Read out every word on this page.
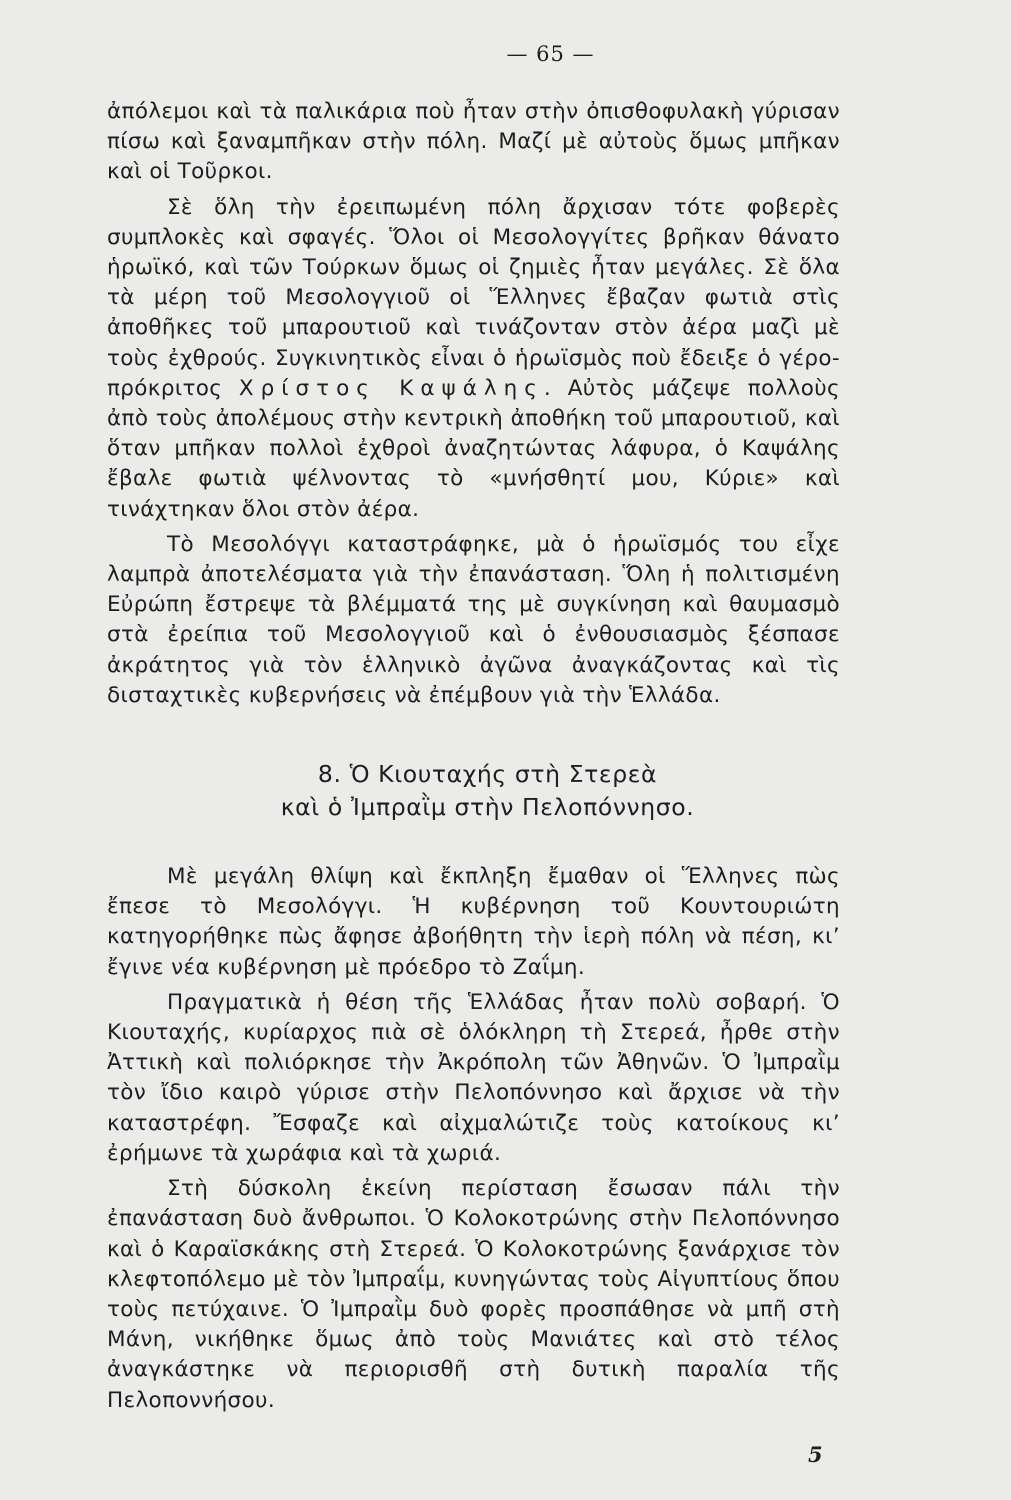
— 65 —

ἀπόλεμοι καὶ τὰ παλικάρια ποὺ ἦταν στὴν ὀπισθοφυλακὴ γύρισαν πίσω καὶ ξαναμπῆκαν στὴν πόλη. Μαζί μὲ αὐτοὺς ὅμως μπῆκαν καὶ οἱ Τοῦρκοι.

Σὲ ὅλη τὴν ἐρειπωμένη πόλη ἄρχισαν τότε φοβερὲς συμπλοκὲς καὶ σφαγές. Ὅλοι οἱ Μεσολογγίτες βρῆκαν θάνατο ἡρωϊκό, καὶ τῶν Τούρκων ὅμως οἱ ζημιὲς ἦταν μεγάλες. Σὲ ὅλα τὰ μέρη τοῦ Μεσολογγιοῦ οἱ Ἕλληνες ἔβαζαν φωτιὰ στὶς ἀποθῆκες τοῦ μπαρουτιοῦ καὶ τινάζονταν στὸν ἀέρα μαζὶ μὲ τοὺς ἐχθρούς. Συγκινητικὸς εἶναι ὁ ἡρωϊσμὸς ποὺ ἔδειξε ὁ γέρο-πρόκριτος Χρίστος Καψάλης. Αὐτὸς μάζεψε πολλοὺς ἀπὸ τοὺς ἀπολέμους στὴν κεντρικὴ ἀποθήκη τοῦ μπαρουτιοῦ, καὶ ὅταν μπῆκαν πολλοὶ ἐχθροὶ ἀναζητώντας λάφυρα, ὁ Καψάλης ἔβαλε φωτιὰ ψέλνοντας τὸ «μνήσθητί μου, Κύριε» καὶ τινάχτηκαν ὅλοι στὸν ἀέρα.

Τὸ Μεσολόγγι καταστράφηκε, μὰ ὁ ἡρωϊσμός του εἶχε λαμπρὰ ἀποτελέσματα γιὰ τὴν ἐπανάσταση. Ὅλη ἡ πολιτισμένη Εὐρώπη ἔστρεψε τὰ βλέμματά της μὲ συγκίνηση καὶ θαυμασμὸ στὰ ἐρείπια τοῦ Μεσολογγιοῦ καὶ ὁ ἐνθουσιασμὸς ξέσπασε ἀκράτητος γιὰ τὸν ἑλληνικὸ ἀγῶνα ἀναγκάζοντας καὶ τὶς δισταχτικὲς κυβερνήσεις νὰ ἐπέμβουν γιὰ τὴν Ἑλλάδα.

8. Ὁ Κιουταχής στὴ Στερεὰ
καὶ ὁ Ἰμπραῒμ στὴν Πελοπόννησο.

Μὲ μεγάλη θλίψη καὶ ἔκπληξη ἔμαθαν οἱ Ἕλληνες πὼς ἔπεσε τὸ Μεσολόγγι. Ἡ κυβέρνηση τοῦ Κουντουριώτη κατηγορήθηκε πὼς ἄφησε ἀβοήθητη τὴν ἱερὴ πόλη νὰ πέση, κι’ ἔγινε νέα κυβέρνηση μὲ πρόεδρο τὸ Ζαΐμη.

Πραγματικὰ ἡ θέση τῆς Ἑλλάδας ἦταν πολὺ σοβαρή. Ὁ Κιουταχής, κυρίαρχος πιὰ σὲ ὁλόκληρη τὴ Στερεά, ἦρθε στὴν Ἀττικὴ καὶ πολιόρκησε τὴν Ἀκρόπολη τῶν Ἀθηνῶν. Ὁ Ἰμπραῒμ τὸν ἴδιο καιρὸ γύρισε στὴν Πελοπόννησο καὶ ἄρχισε νὰ τὴν καταστρέφη. Ἔσφαζε καὶ αἰχμαλώτιζε τοὺς κατοίκους κι’ ἐρήμωνε τὰ χωράφια καὶ τὰ χωριά.

Στὴ δύσκολη ἐκείνη περίσταση ἔσωσαν πάλι τὴν ἐπανάσταση δυὸ ἄνθρωποι. Ὁ Κολοκοτρώνης στὴν Πελοπόννησο καὶ ὁ Καραϊσκάκης στὴ Στερεά. Ὁ Κολοκοτρώνης ξανάρχισε τὸν κλεφτοπόλεμο μὲ τὸν Ἰμπραΐμ, κυνηγώντας τοὺς Αἰγυπτίους ὅπου τοὺς πετύχαινε. Ὁ Ἰμπραῒμ δυὸ φορὲς προσπάθησε νὰ μπῆ στὴ Μάνη, νικήθηκε ὅμως ἀπὸ τοὺς Μανιάτες καὶ στὸ τέλος ἀναγκάστηκε νὰ περιορισθῆ στὴ δυτικὴ παραλία τῆς Πελοποννήσου.

5
